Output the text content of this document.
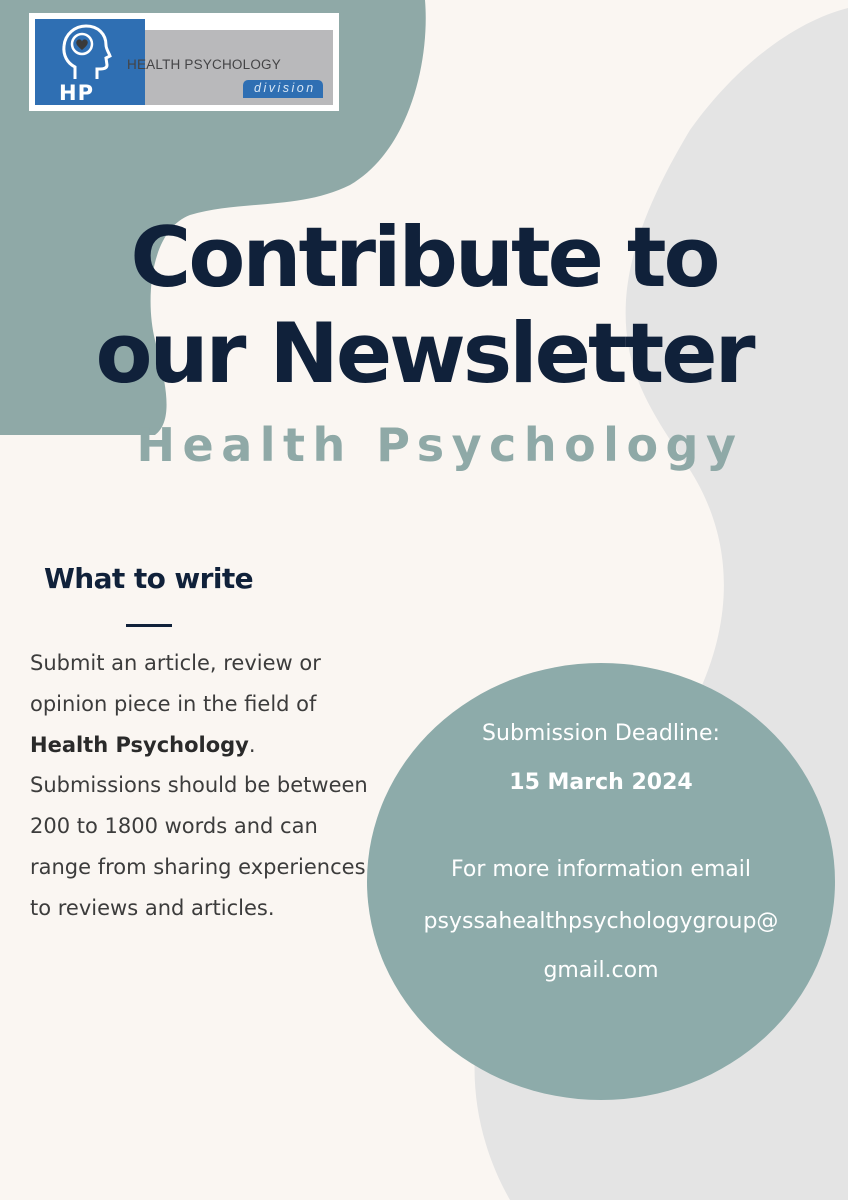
HP
HEALTH PSYCHOLOGY
division
Contribute to
our Newsletter
Health Psychology
What to write
Submit an article, review or opinion piece in the field of Health Psychology. Submissions should be between 200 to 1800 words and can range from sharing experiences to reviews and articles.
Submission Deadline:
15 March 2024
For more information email
psyssahealthpsychologygroup@
gmail.com
